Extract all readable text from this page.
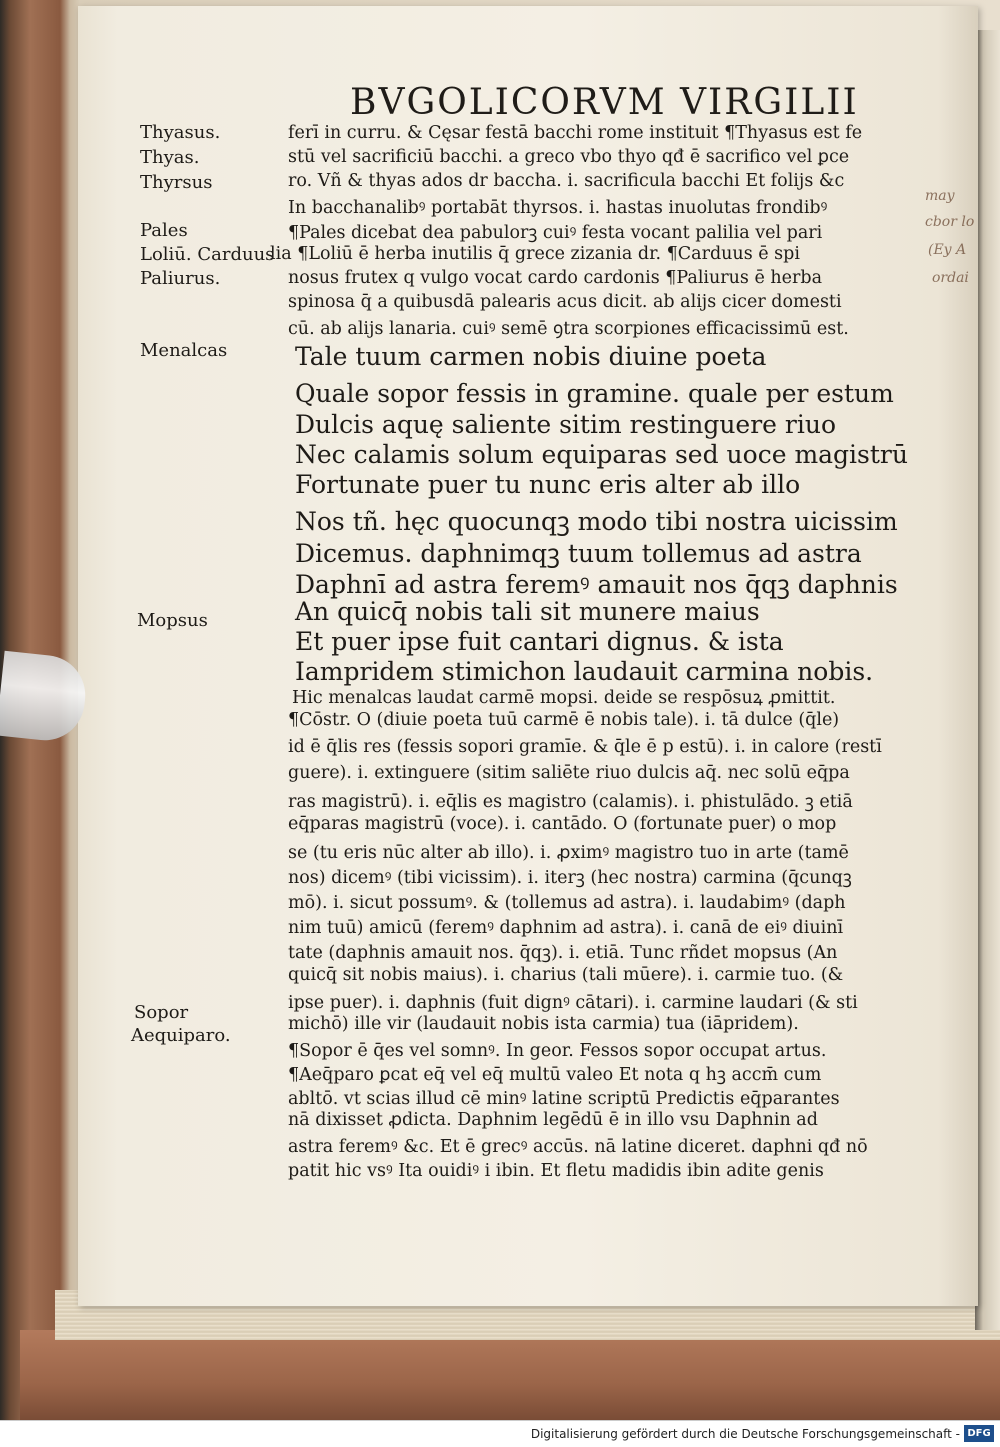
BVGOLICORVM VIRGILII
Thyasus.
Thyas.
Thyrsus
Pales
Loliū. Carduus
Paliurus.
Menalcas
Mopsus
Sopor
Aequiparo.
ferī in curru. & Cęsar festā bacchi rome instituit ¶Thyasus est fe
stū vel sacrificiū bacchi. a greco vbo thyo qđ ē sacrifico vel ꝑce
ro. Vñ & thyas ados dr baccha. i. sacrificula bacchi Et folijs &c
In bacchanalibꝰ portabāt thyrsos. i. hastas inuolutas frondibꝰ
¶Pales dicebat dea pabulorꝫ cuiꝰ festa vocant palilia vel pari
lia ¶Loliū ē herba inutilis q̄ grece zizania dr. ¶Carduus ē spi
nosus frutex q vulgo vocat cardo cardonis ¶Paliurus ē herba
spinosa q̄ a quibusdā palearis acus dicit. ab alijs cicer domesti
cū. ab alijs lanaria. cuiꝰ semē ꝯtra scorpiones efficacissimū est.
Tale tuum carmen nobis diuine poeta
Quale sopor fessis in gramine. quale per estum
Dulcis aquę saliente sitim restinguere riuo
Nec calamis solum equiparas sed uoce magistrū
Fortunate puer tu nunc eris alter ab illo
Nos tñ. hęc quocunqꝫ modo tibi nostra uicissim
Dicemus. daphnimqꝫ tuum tollemus ad astra
Daphnī ad astra feremꝰ amauit nos q̄qꝫ daphnis
An quicq̄ nobis tali sit munere maius
Et puer ipse fuit cantari dignus. & ista
Iampridem stimichon laudauit carmina nobis.
Hic menalcas laudat carmē mopsi. deide se respōsuꝝ ꝓmittit.
¶Cōstr. O (diuie poeta tuū carmē ē nobis tale). i. tā dulce (q̄le)
id ē q̄lis res (fessis sopori gramīe. & q̄le ē p estū). i. in calore (restī
guere). i. extinguere (sitim saliēte riuo dulcis aq̄. nec solū eq̄pa
ras magistrū). i. eq̄lis es magistro (calamis). i. phistulādo. ꝫ etiā
eq̄paras magistrū (voce). i. cantādo. O (fortunate puer) o mop
se (tu eris nūc alter ab illo). i. ꝓximꝰ magistro tuo in arte (tamē
nos) dicemꝰ (tibi vicissim). i. iterꝫ (hec nostra) carmina (q̄cunqꝫ
mō). i. sicut possumꝰ. & (tollemus ad astra). i. laudabimꝰ (daph
nim tuū) amicū (feremꝰ daphnim ad astra). i. canā de eiꝰ diuinī
tate (daphnis amauit nos. q̄qꝫ). i. etiā. Tunc rñdet mopsus (An
quicq̄ sit nobis maius). i. charius (tali mūere). i. carmie tuo. (&
ipse puer). i. daphnis (fuit dignꝰ cātari). i. carmine laudari (& sti
michō) ille vir (laudauit nobis ista carmia) tua (iāpridem).
¶Sopor ē q̄es vel somnꝰ. In geor. Fessos sopor occupat artus.
¶Aeq̄paro ꝑcat eq̄ vel eq̄ multū valeo Et nota q hꝫ accm̄ cum
abltō. vt scias illud cē minꝰ latine scriptū Predictis eq̄parantes
nā dixisset ꝓdicta. Daphnim legēdū ē in illo vsu Daphnin ad
astra feremꝰ &c. Et ē grecꝰ accūs. nā latine diceret. daphni qđ nō
patit hic vsꝰ Ita ouidiꝰ i ibin. Et fletu madidis ibin adite genis
may
cbor lo
(Ey A
ordai
Digitalisierung gefördert durch die Deutsche Forschungsgemeinschaft - DFG
